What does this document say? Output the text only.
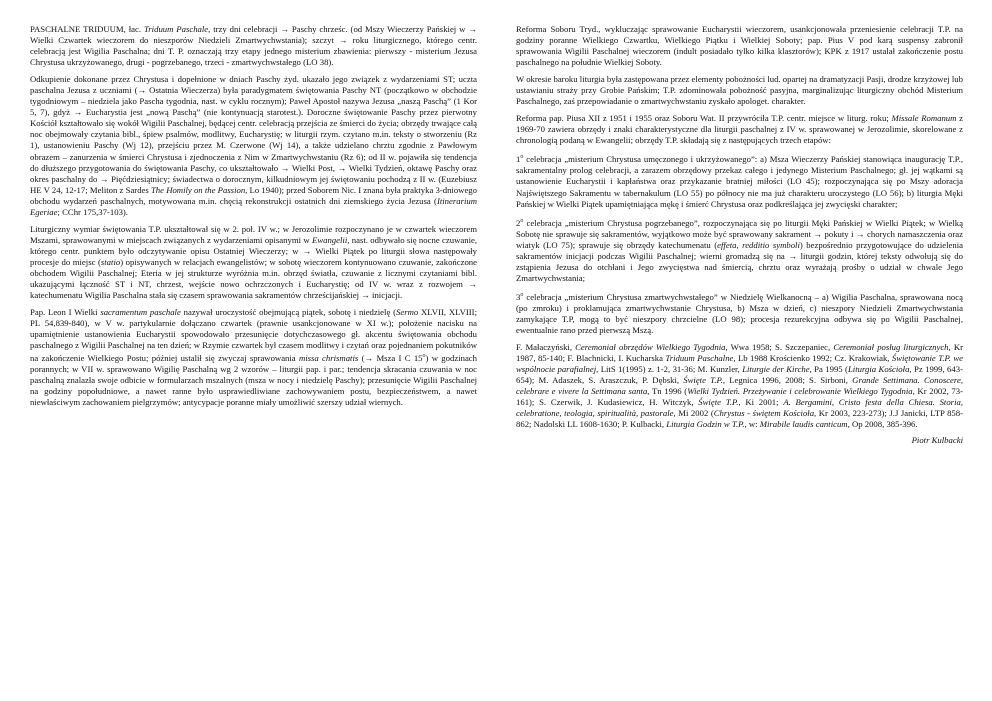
PASCHALNE TRIDUUM, łac. Triduum Paschale, trzy dni celebracji → Paschy chrześc. (od Mszy Wieczerzy Pańskiej w → Wielki Czwartek wieczorem do nieszporów Niedzieli Zmartwychwstania); szczyt → roku liturgicznego, którego centr. celebracją jest Wigilia Paschalna; dni T. P. oznaczają trzy etapy jednego misterium zbawienia: pierwszy - misterium Jezusa Chrystusa ukrzyżowanego, drugi - pogrzebanego, trzeci - zmartwychwstałego (LO 38).

Odkupienie dokonane przez Chrystusa i dopełnione w dniach Paschy żyd. ukazało jego związek z wydarzeniami ST; uczta paschalna Jezusa z uczniami (→ Ostatnia Wieczerza) była paradygmatem świętowania Paschy NT (początkowo w obchodzie tygodniowym – niedziela jako Pascha tygodnia, nast. w cyklu rocznym); Paweł Apostoł nazywa Jezusa „naszą Paschą” (1 Kor 5, 7), gdyż → Eucharystia jest „nową Paschą” (nie kontynuacją starotest.). Doroczne świętowanie Paschy przez pierwotny Kościół kształtowało się wokół Wigilii Paschalnej, będącej centr. celebracją przejścia ze śmierci do życia; obrzędy trwające całą noc obejmowały czytania bibl., śpiew psalmów, modlitwy, Eucharystię; w liturgii rzym. czytano m.in. teksty o stworzeniu (Rz 1), ustanowieniu Paschy (Wj 12), przejściu przez M. Czerwone (Wj 14), a także udzielano chrztu zgodnie z Pawłowym obrazem – zanurzenia w śmierci Chrystusa i zjednoczenia z Nim w Zmartwychwstaniu (Rz 6); od II w. pojawiła się tendencja do dłuższego przygotowania do świętowania Paschy, co ukształtowało → Wielki Post, → Wielki Tydzień, oktawę Paschy oraz okres paschalny do → Pięćdziesiątnicy; świadectwa o dorocznym, kilkudniowym jej świętowaniu pochodzą z II w. (Euzebiusz HE V 24, 12-17; Meliton z Sardes The Homily on the Passion, Lo 1940); przed Soborem Nic. I znana była praktyka 3-dniowego obchodu wydarzeń paschalnych, motywowana m.in. chęcią rekonstrukcji ostatnich dni ziemskiego życia Jezusa (Itinerarium Egeriae; CChr 175,37-103).

Liturgiczny wymiar świętowania T.P. ukształtował się w 2. poł. IV w.; w Jerozolimie rozpoczynano je w czwartek wieczorem Mszami, sprawowanymi w miejscach związanych z wydarzeniami opisanymi w Ewangelii, nast. odbywało się nocne czuwanie, którego centr. punktem było odczytywanie opisu Ostatniej Wieczerzy; w → Wielki Piątek po liturgii słowa następowały procesje do miejsc (statio) opisywanych w relacjach ewangelistów; w sobotę wieczorem kontynuowano czuwanie, zakończone obchodem Wigilii Paschalnej; Eteria w jej strukturze wyróżnia m.in. obrzęd światła, czuwanie z licznymi czytaniami bibl. ukazującymi łączność ST i NT, chrzest, wejście nowo ochrzczonych i Eucharystię; od IV w. wraz z rozwojem → katechumenatu Wigilia Paschalna stała się czasem sprawowania sakramentów chrześcijańskiej → inicjacji.

Pap. Leon I Wielki sacramentum paschale nazywał uroczystość obejmującą piątek, sobotę i niedzielę (Sermo XLVII, XLVIII; PL 54,839-840), w V w. partykularnie dołączano czwartek (prawnie usankcjonowane w XI w.); położenie nacisku na upamiętnienie ustanowienia Eucharystii spowodowało przesunięcie dotychczasowego gł. akcentu świętowania obchodu paschalnego z Wigilii Paschalnej na ten dzień; w Rzymie czwartek był czasem modlitwy i czytań oraz pojednaniem pokutników na zakończenie Wielkiego Postu; później ustalił się zwyczaj sprawowania missa chrismatis (→ Msza I C 15$^o$) w godzinach porannych; w VII w. sprawowano Wigilię Paschalną wg 2 wzorów – liturgii pap. i par.; tendencja skracania czuwania w noc paschalną znalazła swoje odbicie w formularzach mszalnych (msza w nocy i niedzielę Paschy); przesunięcie Wigilii Paschalnej na godziny popołudniowe, a nawet ranne było usprawiedliwiane zachowywaniem postu, bezpieczeństwem, a nawet niewłaściwym zachowaniem pielgrzymów; antycypacje poranne miały umożliwić szerszy udział wiernych.

Reforma Soboru Tryd., wykluczając sprawowanie Eucharystii wieczorem, usankcjonowała przeniesienie celebracji T.P. na godziny poranne Wielkiego Czwartku, Wielkiego Piątku i Wielkiej Soboty; pap. Pius V pod karą suspensy zabronił sprawowania Wigilii Paschalnej wieczorem (indult posiadało tylko kilka klasztorów); KPK z 1917 ustalał zakończenie postu paschalnego na południe Wielkiej Soboty.

W okresie baroku liturgia była zastępowana przez elementy pobożności lud. opartej na dramatyzacji Pasji, drodze krzyżowej lub ustawianiu straży przy Grobie Pańskim; T.P. zdominowała pobożność pasyjna, marginalizując liturgiczny obchód Misterium Paschalnego, zaś przepowiadanie o zmartwychwstaniu zyskało apologet. charakter.

Reforma pap. Piusa XII z 1951 i 1955 oraz Soboru Wat. II przywróciła T.P. centr. miejsce w liturg. roku; Missale Romanum z 1969-70 zawiera obrzędy i znaki charakterystyczne dla liturgii paschalnej z IV w. sprawowanej w Jerozolimie, skorelowane z chronologią podaną w Ewangelii; obrzędy T.P. składają się z następujących trzech etapów:

1$^o$ celebracja „misterium Chrystusa umęczonego i ukrzyżowanego”: a) Msza Wieczerzy Pańskiej stanowiąca inaugurację T.P., sakramentalny prolog celebracji, a zarazem obrzędowy przekaz całego i jedynego Misterium Paschalnego; gł. jej wątkami są ustanowienie Eucharystii i kapłaństwa oraz przykazanie bratniej miłości (LO 45); rozpoczynająca się po Mszy adoracja Najświętszego Sakramentu w tabernakulum (LO 55) po północy nie ma już charakteru uroczystego (LO 56); b) liturgia Męki Pańskiej w Wielki Piątek upamiętniająca mękę i śmierć Chrystusa oraz podkreślająca jej zwycięski charakter;

2$^o$ celebracja „misterium Chrystusa pogrzebanego”, rozpoczynająca się po liturgii Męki Pańskiej w Wielki Piątek; w Wielką Sobotę nie sprawuje się sakramentów, wyjątkowo może być sprawowany sakrament → pokuty i → chorych namaszczenia oraz wiatyk (LO 75); sprawuje się obrzędy katechumenatu (effeta, redditio symboli) bezpośrednio przygotowujące do udzielenia sakramentów inicjacji podczas Wigilii Paschalnej; wierni gromadzą się na → liturgii godzin, której teksty odwołują się do zstąpienia Jezusa do otchłani i Jego zwycięstwa nad śmiercią, chrztu oraz wyrażają prośby o udział w chwale Jego Zmartwychwstania;

3$^o$ celebracja „misterium Chrystusa zmartwychwstałego” w Niedzielę Wielkanocną – a) Wigilia Paschalna, sprawowana nocą (po zmroku) i proklamująca zmartwychwstanie Chrystusa, b) Msza w dzień, c) nieszpory Niedzieli Zmartwychwstania zamykające T.P, mogą to być nieszpory chrzcielne (LO 98); procesja rezurekcyjna odbywa się po Wigilii Paschalnej, ewentualnie rano przed pierwszą Mszą.

F. Małaczyński, Ceremoniał obrzędów Wielkiego Tygodnia, Wwa 1958; S. Szczepaniec, Ceremoniał posług liturgicznych, Kr 1987, 85-140; F. Blachnicki, I. Kucharska Triduum Paschalne, Lb 1988 Krościenko 1992; Cz. Krakowiak, Świętowanie T.P. we wspólnocie parafialnej, LitS 1(1995) z. 1-2, 31-36; M. Kunzler, Liturgie der Kirche, Pa 1995 (Liturgia Kościoła, Pz 1999, 643-654); M. Adaszek, S. Araszczuk, P. Dębski, Święte T.P., Legnica 1996, 2008; S. Sirboni, Grande Settimana. Conoscere, celebrare e vivere la Settimana santa, Tn 1996 (Wielki Tydzień. Przeżywanie i celebrowanie Wielkiego Tygodnia, Kr 2002, 73-161); S. Czerwik, J. Kudasiewicz, H. Witczyk, Święte T.P., Ki 2001; A. Bergamini, Cristo festa della Chiesa. Storia, celebratione, teologia, spiritualità, pastorale, Mi 2002 (Chrystus - świętem Kościoła, Kr 2003, 223-273); J.J Janicki, LTP 858-862; Nadolski LL 1608-1630; P. Kulbacki, Liturgia Godzin w T.P., w: Mirabile laudis canticum, Op 2008, 385-396.

Piotr Kulbacki
